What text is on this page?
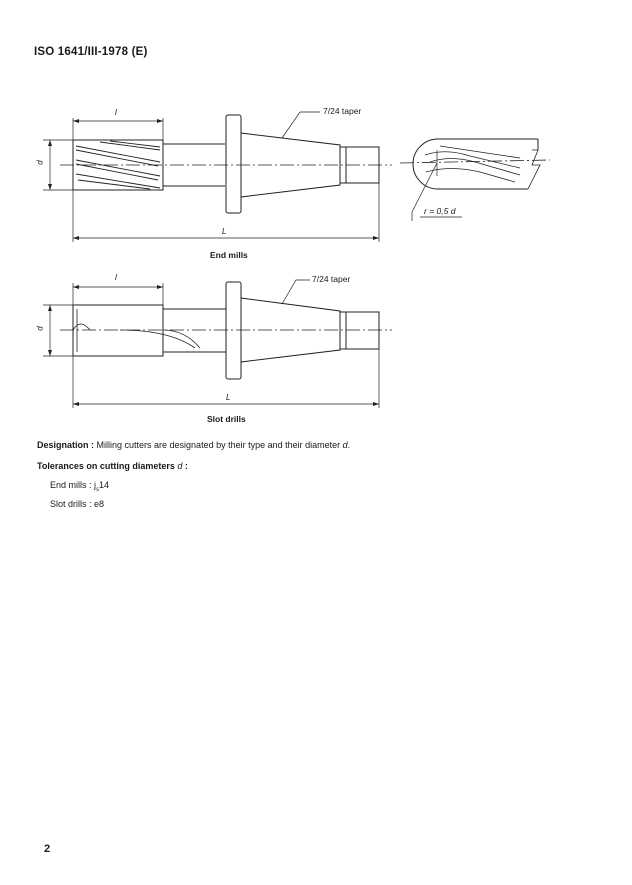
ISO 1641/III-1978 (E)
l
d
L
7/24 taper
r = 0,5 d
End mills
l
d
L
7/24 taper
Slot drills
Designation : Milling cutters are designated by their type and their diameter d.
Tolerances on cutting diameters d :
End mills : $j_s14$
Slot drills : e8
2
